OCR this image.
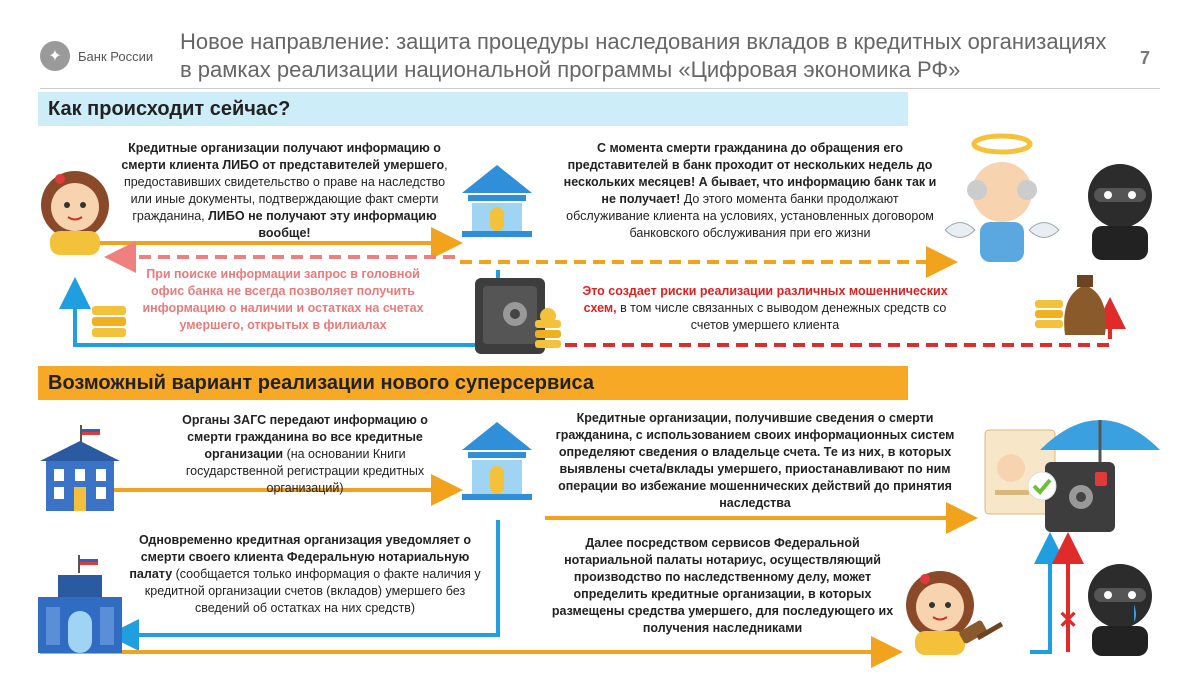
✦	Банк России
Новое направление: защита процедуры наследования вкладов в кредитных организациях
в рамках реализации национальной программы «Цифровая экономика РФ»	7
Как происходит сейчас?
Возможный вариант реализации нового суперсервиса
✕
Кредитные организации получают информацию о смерти клиента ЛИБО от представителей умершего, предоставивших свидетельство о праве на наследство или иные документы, подтверждающие факт смерти гражданина, ЛИБО не получают эту информацию вообще!
С момента смерти гражданина до обращения его представителей в банк проходит от нескольких недель до нескольких месяцев! А бывает, что информацию банк так и не получает! До этого момента банки продолжают обслуживание клиента на условиях, установленных договором банковского обслуживания при его жизни
При поиске информации запрос в головной офис банка не всегда позволяет получить информацию о наличии и остатках на счетах умершего, открытых в филиалах
Это создает риски реализации различных мошеннических схем, в том числе связанных с выводом денежных средств со счетов умершего клиента
Органы ЗАГС передают информацию о смерти гражданина во все кредитные организации (на основании Книги государственной регистрации кредитных организаций)
Кредитные организации, получившие сведения о смерти гражданина, с использованием своих информационных систем определяют сведения о владельце счета. Те из них, в которых выявлены счета/вклады умершего, приостанавливают по ним операции во избежание мошеннических действий до принятия наследства
Одновременно кредитная организация уведомляет о смерти своего клиента Федеральную нотариальную палату (сообщается только информация о факте наличия у кредитной организации счетов (вкладов) умершего без сведений об остатках на них средств)
Далее посредством сервисов Федеральной нотариальной палаты нотариус, осуществляющий производство по наследственному делу, может определить кредитные организации, в которых размещены средства умершего, для последующего их получения наследниками
